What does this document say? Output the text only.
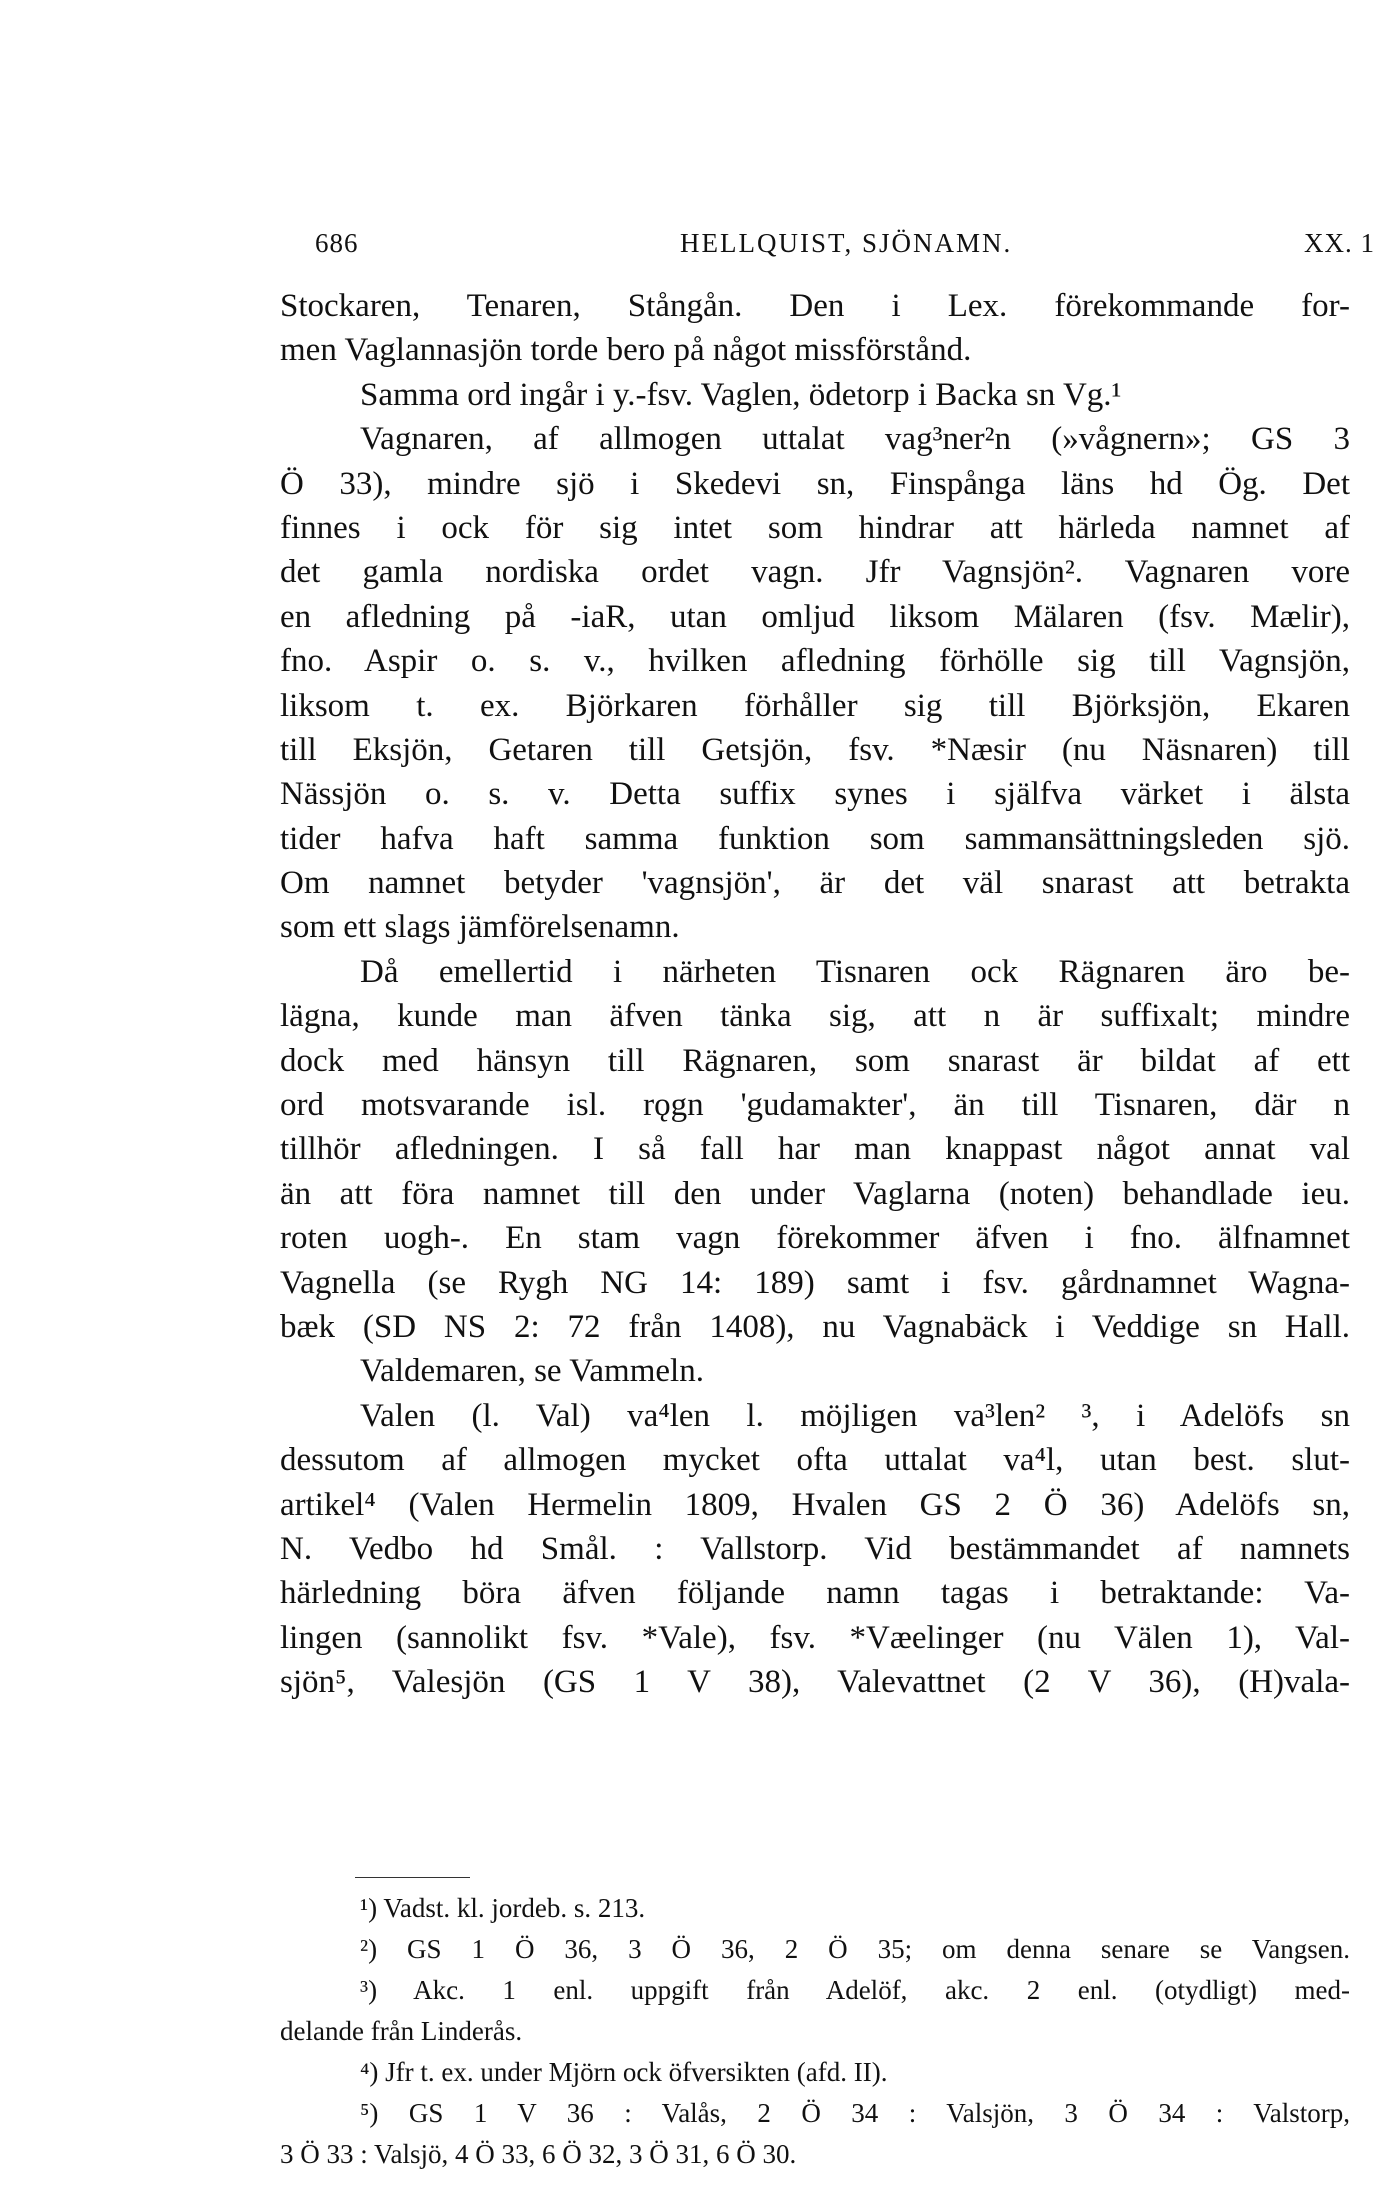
686	HELLQUIST, SJÖNAMN.	XX. 1
Stockaren, Tenaren, Stångån. Den i Lex. förekommande for-
men Vaglannasjön torde bero på något missförstånd.
Samma ord ingår i y.-fsv. Vaglen, ödetorp i Backa sn Vg.¹
Vagnaren, af allmogen uttalat vag³ner²n (»vågnern»; GS 3
Ö 33), mindre sjö i Skedevi sn, Finspånga läns hd Ög. Det
finnes i ock för sig intet som hindrar att härleda namnet af
det gamla nordiska ordet vagn. Jfr Vagnsjön². Vagnaren vore
en afledning på -iaR, utan omljud liksom Mälaren (fsv. Mælir),
fno. Aspir o. s. v., hvilken afledning förhölle sig till Vagnsjön,
liksom t. ex. Björkaren förhåller sig till Björksjön, Ekaren
till Eksjön, Getaren till Getsjön, fsv. *Næsir (nu Näsnaren) till
Nässjön o. s. v. Detta suffix synes i själfva värket i älsta
tider hafva haft samma funktion som sammansättningsleden sjö.
Om namnet betyder 'vagnsjön', är det väl snarast att betrakta
som ett slags jämförelsenamn.
Då emellertid i närheten Tisnaren ock Rägnaren äro be-
lägna, kunde man äfven tänka sig, att n är suffixalt; mindre
dock med hänsyn till Rägnaren, som snarast är bildat af ett
ord motsvarande isl. rǫgn 'gudamakter', än till Tisnaren, där n
tillhör afledningen. I så fall har man knappast något annat val
än att föra namnet till den under Vaglarna (noten) behandlade ieu.
roten uogh-. En stam vagn förekommer äfven i fno. älfnamnet
Vagnella (se Rygh NG 14: 189) samt i fsv. gårdnamnet Wagna-
bæk (SD NS 2: 72 från 1408), nu Vagnabäck i Veddige sn Hall.
Valdemaren, se Vammeln.
Valen (l. Val) va⁴len l. möjligen va³len² ³, i Adelöfs sn
dessutom af allmogen mycket ofta uttalat va⁴l, utan best. slut-
artikel⁴ (Valen Hermelin 1809, Hvalen GS 2 Ö 36) Adelöfs sn,
N. Vedbo hd Smål. : Vallstorp. Vid bestämmandet af namnets
härledning böra äfven följande namn tagas i betraktande: Va-
lingen (sannolikt fsv. *Vale), fsv. *Væelinger (nu Välen 1), Val-
sjön⁵, Valesjön (GS 1 V 38), Valevattnet (2 V 36), (H)vala-
¹) Vadst. kl. jordeb. s. 213.
²) GS 1 Ö 36, 3 Ö 36, 2 Ö 35; om denna senare se Vangsen.
³) Akc. 1 enl. uppgift från Adelöf, akc. 2 enl. (otydligt) med-
delande från Linderås.
⁴) Jfr t. ex. under Mjörn ock öfversikten (afd. II).
⁵) GS 1 V 36 : Valås, 2 Ö 34 : Valsjön, 3 Ö 34 : Valstorp,
3 Ö 33 : Valsjö, 4 Ö 33, 6 Ö 32, 3 Ö 31, 6 Ö 30.
